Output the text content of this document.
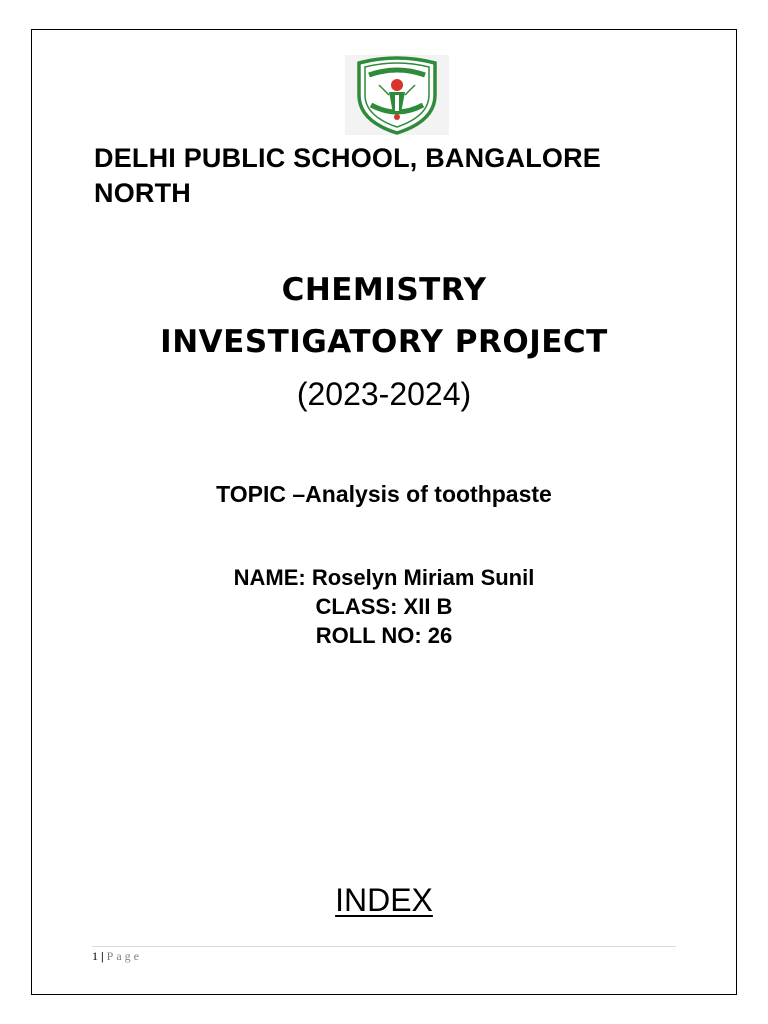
DELHI PUBLIC SCHOOL, BANGALORE
NORTH
CHEMISTRY
INVESTIGATORY PROJECT
(2023-2024)
TOPIC –Analysis of toothpaste
NAME: Roselyn Miriam Sunil
CLASS: XII B
ROLL NO: 26
INDEX
1 | Page
